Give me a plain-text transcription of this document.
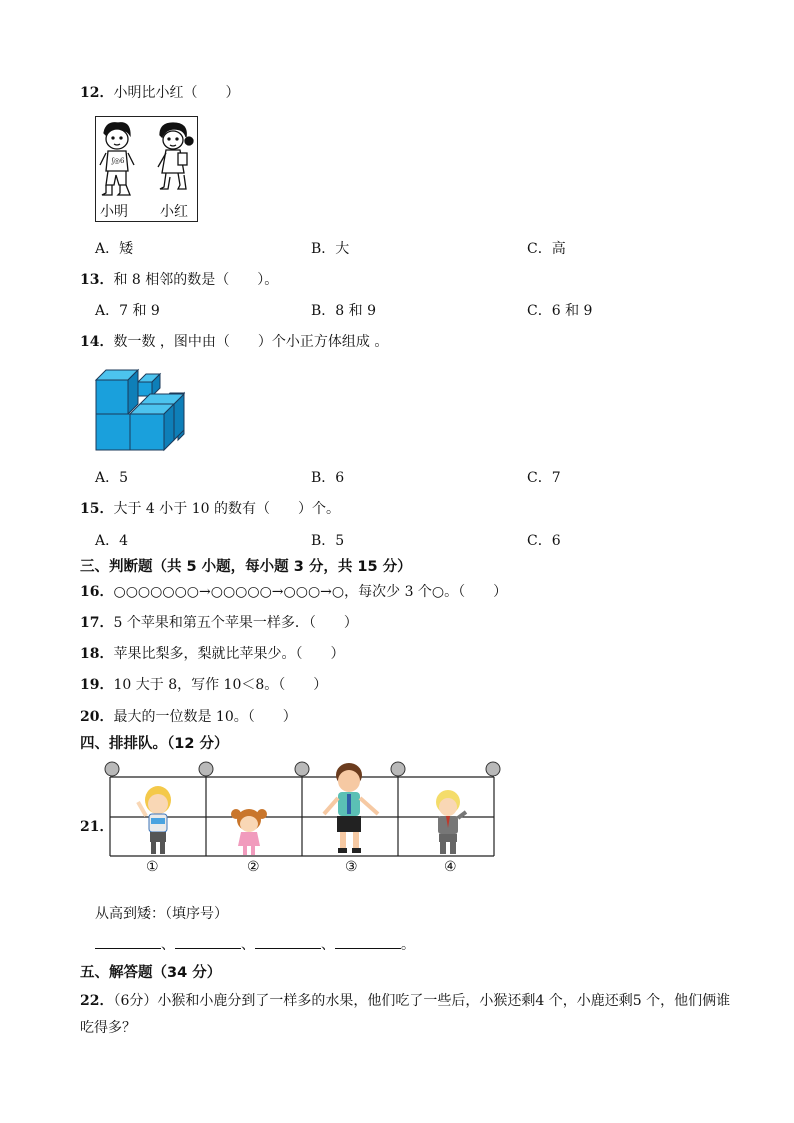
12．小明比小红（　　）
ʃ◎6
小明 小红
A．矮	B．大	C．高
13．和 8 相邻的数是（　　）。
A．7 和 9	B．8 和 9	C．6 和 9
14．数一数 ，图中由（　　）个小正方体组成 。
A．5	B．6	C．7
15．大于 4 小于 10 的数有（　　）个。
A．4	B．5	C．6
三、判断题（共 5 小题，每小题 3 分，共 15 分）
16．○○○○○○○→○○○○○→○○○→○，每次少 3 个○。（　　）
17．5 个苹果和第五个苹果一样多．（　　）
18．苹果比梨多，梨就比苹果少。（　　）
19．10 大于 8，写作 10＜8。（　　）
20．最大的一位数是 10。（　　）
四、排排队。（12 分）
21．
①	②	③	④
从高到矮：（填序号）
、	、	、	。
五、解答题（34 分）
22．（6分）小猴和小鹿分到了一样多的水果，他们吃了一些后，小猴还剩4 个，小鹿还剩5 个，他们俩谁吃得多？
